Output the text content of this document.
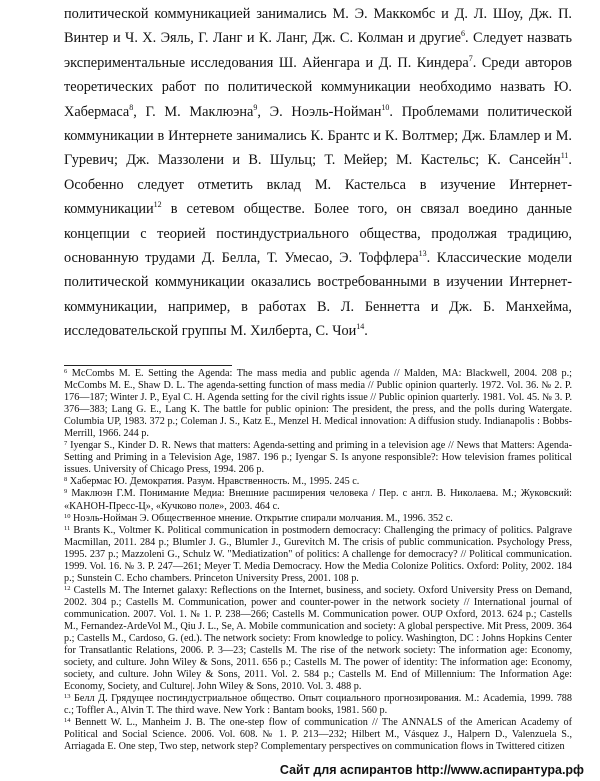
политической коммуникацией занимались М. Э. Маккомбс и Д. Л. Шоу, Дж. П. Винтер и Ч. Х. Эяль, Г. Ланг и К. Ланг, Дж. С. Колман и другие$^6$. Следует назвать экспериментальные исследования Ш. Айенгара и Д. П. Киндера$^7$. Среди авторов теоретических работ по политической коммуникации необходимо назвать Ю. Хабермаса$^8$, Г. М. Маклюэна$^9$, Э. Ноэль-Нойман$^{10}$. Проблемами политической коммуникации в Интернете занимались К. Брантс и К. Волтмер; Дж. Бламлер и М. Гуревич; Дж. Маззолени и В. Шульц; Т. Мейер; М. Кастельс; К. Сансейн$^{11}$. Особенно следует отметить вклад М. Кастельса в изучение Интернет-коммуникации$^{12}$ в сетевом обществе. Более того, он связал воедино данные концепции с теорией постиндустриального общества, продолжая традицию, основанную трудами Д. Белла, Т. Умесао, Э. Тоффлера$^{13}$. Классические модели политической коммуникации оказались востребованными в изучении Интернет-коммуникации, например, в работах В. Л. Беннетта и Дж. Б. Манхейма, исследовательской группы М. Хилберта, С. Чои$^{14}$.

$^6$ McCombs M. E. Setting the Agenda: The mass media and public agenda // Malden, MA: Blackwell, 2004. 208 p.; McCombs M. E., Shaw D. L. The agenda-setting function of mass media // Public opinion quarterly. 1972. Vol. 36. № 2. P. 176—187; Winter J. P., Eyal C. H. Agenda setting for the civil rights issue // Public opinion quarterly. 1981. Vol. 45. № 3. P. 376—383; Lang G. E., Lang K. The battle for public opinion: The president, the press, and the polls during Watergate. Columbia UP, 1983. 372 p.; Coleman J. S., Katz E., Menzel H. Medical innovation: A diffusion study. Indianapolis : Bobbs-Merrill, 1966. 244 p.

$^7$ Iyengar S., Kinder D. R. News that matters: Agenda-setting and priming in a television age // News that Matters: Agenda-Setting and Priming in a Television Age, 1987. 196 p.; Iyengar S. Is anyone responsible?: How television frames political issues. University of Chicago Press, 1994. 206 p.

$^8$ Хабермас Ю. Демократия. Разум. Нравственность. М., 1995. 245 с.

$^9$ Маклюэн Г.М. Понимание Медиа: Внешние расширения человека / Пер. с англ. В. Николаева. М.; Жуковский: «КАНОН-Пресс-Ц», «Кучково поле», 2003. 464 с.

$^{10}$ Ноэль-Нойман Э. Общественное мнение. Открытие спирали молчания. М., 1996. 352 с.

$^{11}$ Brants K., Voltmer K. Political communication in postmodern democracy: Challenging the primacy of politics. Palgrave Macmillan, 2011. 284 p.; Blumler J. G., Blumler J., Gurevitch M. The crisis of public communication. Psychology Press, 1995. 237 p.; Mazzoleni G., Schulz W. "Mediatization" of politics: A challenge for democracy? // Political communication. 1999. Vol. 16. № 3. P. 247—261; Meyer T. Media Democracy. How the Media Colonize Politics. Oxford: Polity, 2002. 184 p.; Sunstein C. Echo chambers. Princeton University Press, 2001. 108 p.

$^{12}$ Castells M. The Internet galaxy: Reflections on the Internet, business, and society. Oxford University Press on Demand, 2002. 304 p.; Castells M. Communication, power and counter-power in the network society // International journal of communication. 2007. Vol. 1. № 1. P. 238—266; Castells M. Communication power. OUP Oxford, 2013. 624 p.; Castells M., Fernandez-ArdeVol M., Qiu J. L., Se, A. Mobile communication and society: A global perspective. Mit Press, 2009. 364 p.; Castells M., Cardoso, G. (ed.). The network society: From knowledge to policy. Washington, DC : Johns Hopkins Center for Transatlantic Relations, 2006. P. 3—23; Castells M. The rise of the network society: The information age: Economy, society, and culture. John Wiley & Sons, 2011. 656 p.; Castells M. The power of identity: The information age: Economy, society, and culture. John Wiley & Sons, 2011. Vol. 2. 584 p.; Castells M. End of Millennium: The Information Age: Economy, Society, and Culture|. John Wiley & Sons, 2010. Vol. 3. 488 p.

$^{13}$ Белл Д. Грядущее постиндустриальное общество. Опыт социального прогнозирования. М.: Academia, 1999. 788 c.; Toffler A., Alvin T. The third wave. New York : Bantam books, 1981. 560 p.

$^{14}$ Bennett W. L., Manheim J. B. The one-step flow of communication // The ANNALS of the American Academy of Political and Social Science. 2006. Vol. 608. № 1. P. 213—232; Hilbert M., Vásquez J., Halpern D., Valenzuela S., Arriagada E. One step, Two step, network step? Complementary perspectives on communication flows in Twittered citizen

Сайт для аспирантов http://www.аспирантура.рф
